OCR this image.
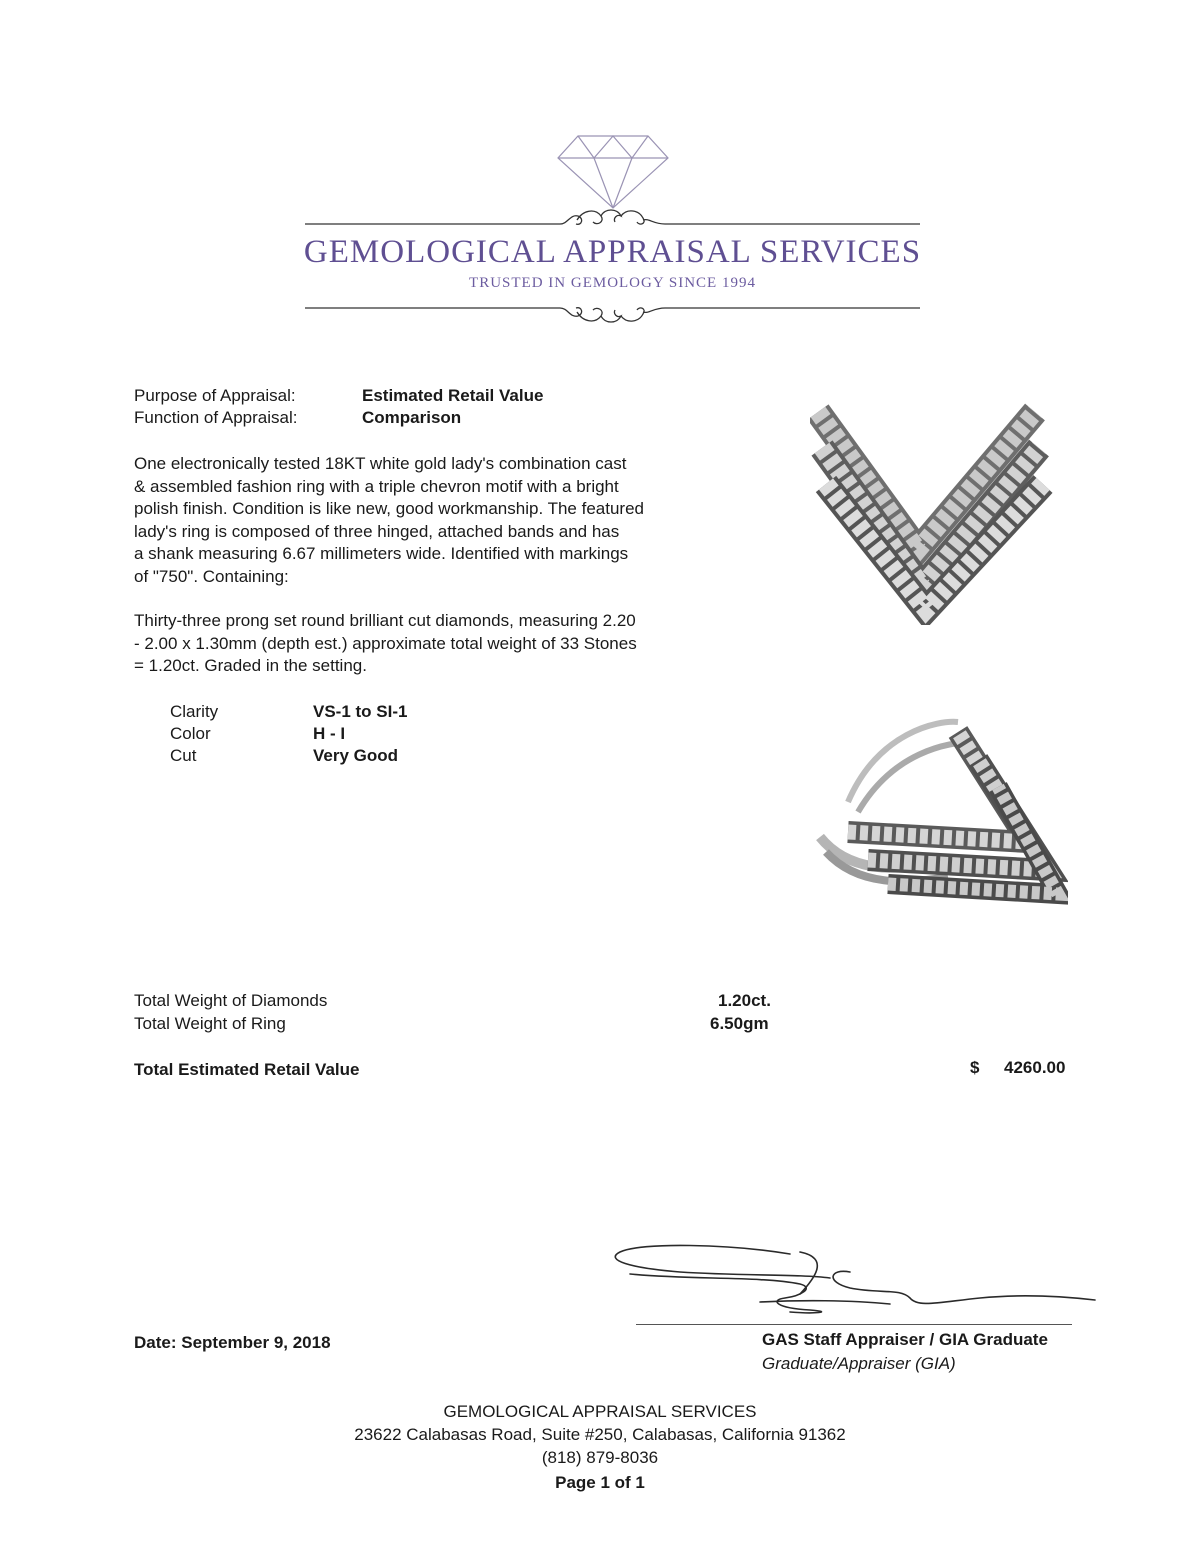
GEMOLOGICAL APPRAISAL SERVICES
TRUSTED IN GEMOLOGY SINCE 1994
Purpose of Appraisal:	Estimated Retail Value
Function of Appraisal:	Comparison
One electronically tested 18KT white gold lady's combination cast
& assembled fashion ring with a triple chevron motif with a bright
polish finish. Condition is like new, good workmanship. The featured
lady's ring is composed of three hinged, attached bands and has
a shank measuring 6.67 millimeters wide. Identified with markings
of "750". Containing:
Thirty-three prong set round brilliant cut diamonds, measuring 2.20
- 2.00 x 1.30mm (depth est.) approximate total weight of 33 Stones
= 1.20ct. Graded in the setting.
Clarity	VS-1 to SI-1
Color	H - I
Cut	Very Good
Total Weight of Diamonds	1.20ct.
Total Weight of Ring	6.50gm
Total Estimated Retail Value	$ 4260.00
Date: September 9, 2018	GAS Staff Appraiser / GIA Graduate
Graduate/Appraiser (GIA)
GEMOLOGICAL APPRAISAL SERVICES
23622 Calabasas Road, Suite #250, Calabasas, California 91362
(818) 879-8036
Page 1 of 1
